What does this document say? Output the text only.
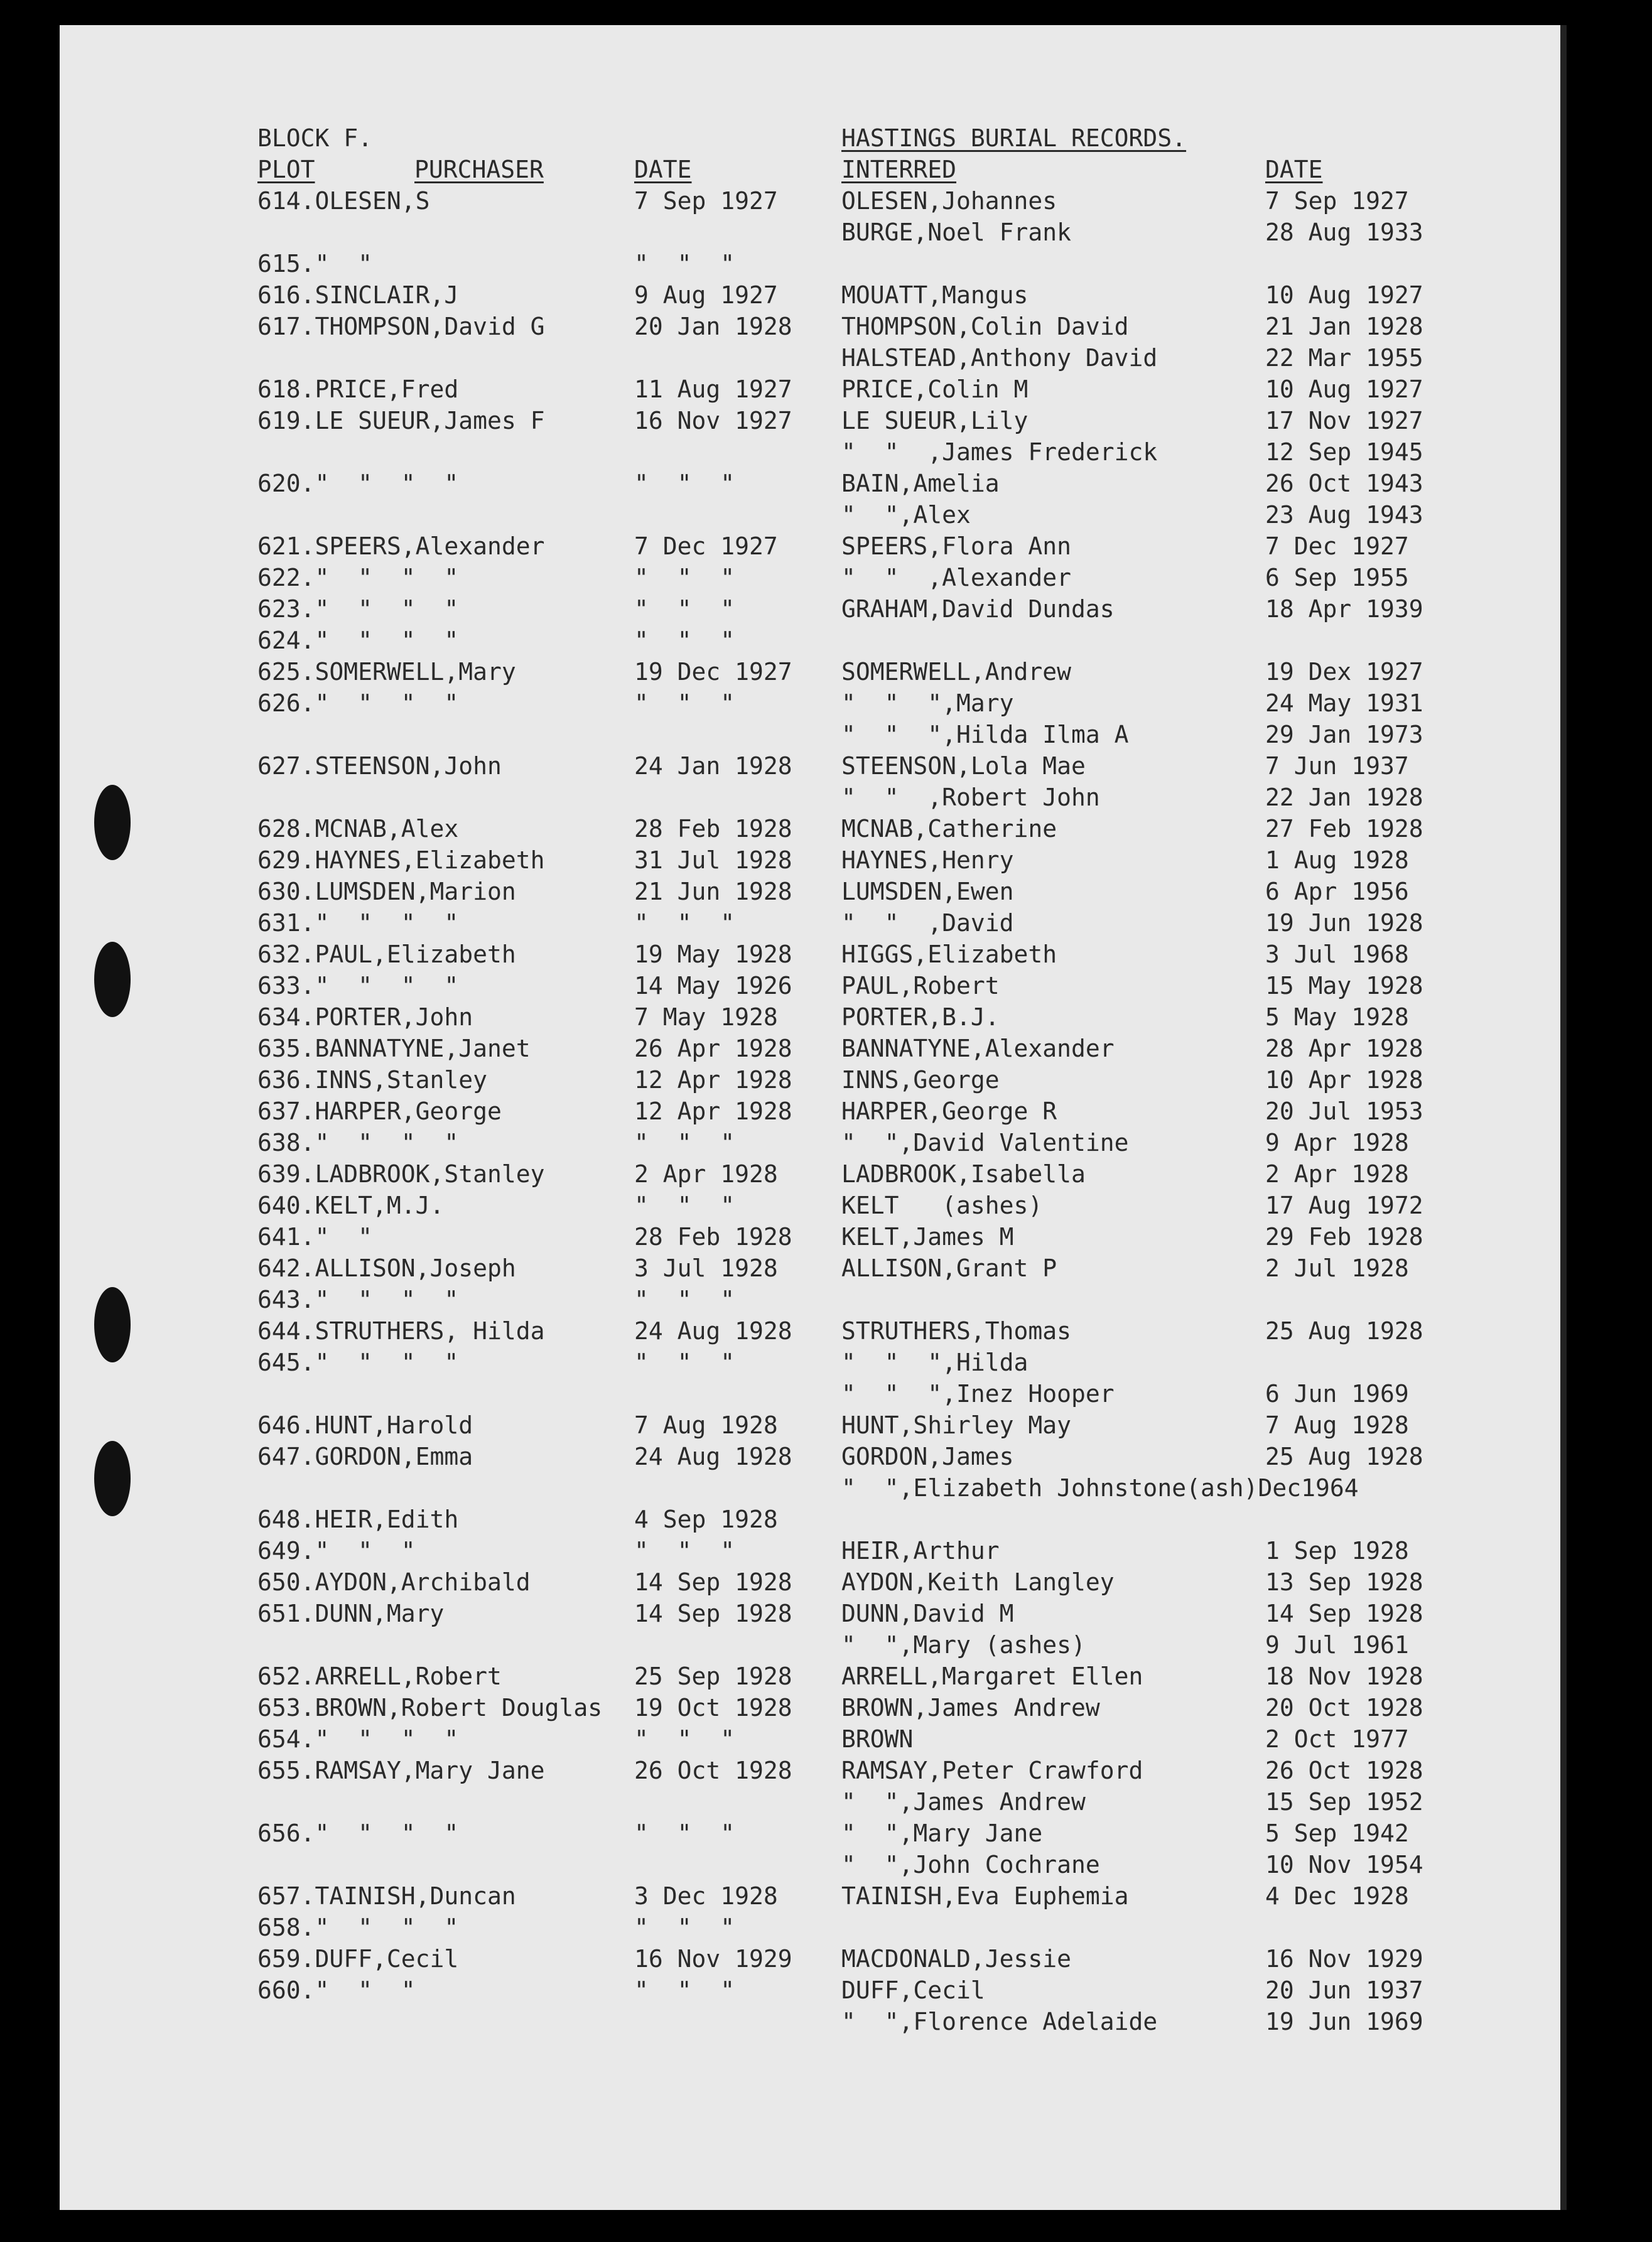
BLOCK F.	HASTINGS BURIAL RECORDS.
PLOT	PURCHASER	DATE	INTERRED	DATE
614.OLESEN,S	7 Sep 1927	OLESEN,Johannes	7 Sep 1927
BURGE,Noel Frank	28 Aug 1933
615."  "	"  "  "
616.SINCLAIR,J	9 Aug 1927	MOUATT,Mangus	10 Aug 1927
617.THOMPSON,David G	20 Jan 1928 THOMPSON,Colin David	21 Jan 1928
HALSTEAD,Anthony David	22 Mar 1955
618.PRICE,Fred	11 Aug 1927 PRICE,Colin M	10 Aug 1927
619.LE SUEUR,James F	16 Nov 1927 LE SUEUR,Lily	17 Nov 1927
"  "  ,James Frederick	12 Sep 1945
620."  "  "  "	"  "  "	BAIN,Amelia	26 Oct 1943
"  ",Alex	23 Aug 1943
621.SPEERS,Alexander	7 Dec 1927	SPEERS,Flora Ann	7 Dec 1927
622."  "  "  "	"  "  "	"  "  ,Alexander	6 Sep 1955
623."  "  "  "	"  "  "	GRAHAM,David Dundas	18 Apr 1939
624."  "  "  "	"  "  "
625.SOMERWELL,Mary	19 Dec 1927 SOMERWELL,Andrew	19 Dex 1927
626."  "  "  "	"  "  "	"  "  ",Mary	24 May 1931
"  "  ",Hilda Ilma A	29 Jan 1973
627.STEENSON,John	24 Jan 1928 STEENSON,Lola Mae	7 Jun 1937
"  "  ,Robert John	22 Jan 1928
628.MCNAB,Alex	28 Feb 1928 MCNAB,Catherine	27 Feb 1928
629.HAYNES,Elizabeth	31 Jul 1928 HAYNES,Henry	1 Aug 1928
630.LUMSDEN,Marion	21 Jun 1928 LUMSDEN,Ewen	6 Apr 1956
631."  "  "  "	"  "  "	"  "  ,David	19 Jun 1928
632.PAUL,Elizabeth	19 May 1928 HIGGS,Elizabeth	3 Jul 1968
633."  "  "  "	14 May 1926 PAUL,Robert	15 May 1928
634.PORTER,John	7 May 1928	PORTER,B.J.	5 May 1928
635.BANNATYNE,Janet	26 Apr 1928 BANNATYNE,Alexander	28 Apr 1928
636.INNS,Stanley	12 Apr 1928 INNS,George	10 Apr 1928
637.HARPER,George	12 Apr 1928 HARPER,George R	20 Jul 1953
638."  "  "  "	"  "  "	"  ",David Valentine	9 Apr 1928
639.LADBROOK,Stanley	2 Apr 1928	LADBROOK,Isabella	2 Apr 1928
640.KELT,M.J.	"  "  "	KELT   (ashes)	17 Aug 1972
641."  "	28 Feb 1928 KELT,James M	29 Feb 1928
642.ALLISON,Joseph	3 Jul 1928	ALLISON,Grant P	2 Jul 1928
643."  "  "  "	"  "  "
644.STRUTHERS, Hilda	24 Aug 1928 STRUTHERS,Thomas	25 Aug 1928
645."  "  "  "	"  "  "	"  "  ",Hilda
"  "  ",Inez Hooper	6 Jun 1969
646.HUNT,Harold	7 Aug 1928	HUNT,Shirley May	7 Aug 1928
647.GORDON,Emma	24 Aug 1928 GORDON,James	25 Aug 1928
"  ",Elizabeth Johnstone(ash)Dec1964
648.HEIR,Edith	4 Sep 1928
649."  "  "	"  "  "	HEIR,Arthur	1 Sep 1928
650.AYDON,Archibald	14 Sep 1928 AYDON,Keith Langley	13 Sep 1928
651.DUNN,Mary	14 Sep 1928 DUNN,David M	14 Sep 1928
"  ",Mary (ashes)	9 Jul 1961
652.ARRELL,Robert	25 Sep 1928 ARRELL,Margaret Ellen	18 Nov 1928
653.BROWN,Robert Douglas 19 Oct 1928 BROWN,James Andrew	20 Oct 1928
654."  "  "  "	"  "  "	BROWN	2 Oct 1977
655.RAMSAY,Mary Jane	26 Oct 1928 RAMSAY,Peter Crawford	26 Oct 1928
"  ",James Andrew	15 Sep 1952
656."  "  "  "	"  "  "	"  ",Mary Jane	5 Sep 1942
"  ",John Cochrane	10 Nov 1954
657.TAINISH,Duncan	3 Dec 1928	TAINISH,Eva Euphemia	4 Dec 1928
658."  "  "  "	"  "  "
659.DUFF,Cecil	16 Nov 1929 MACDONALD,Jessie	16 Nov 1929
660."  "  "	"  "  "	DUFF,Cecil	20 Jun 1937
"  ",Florence Adelaide	19 Jun 1969
